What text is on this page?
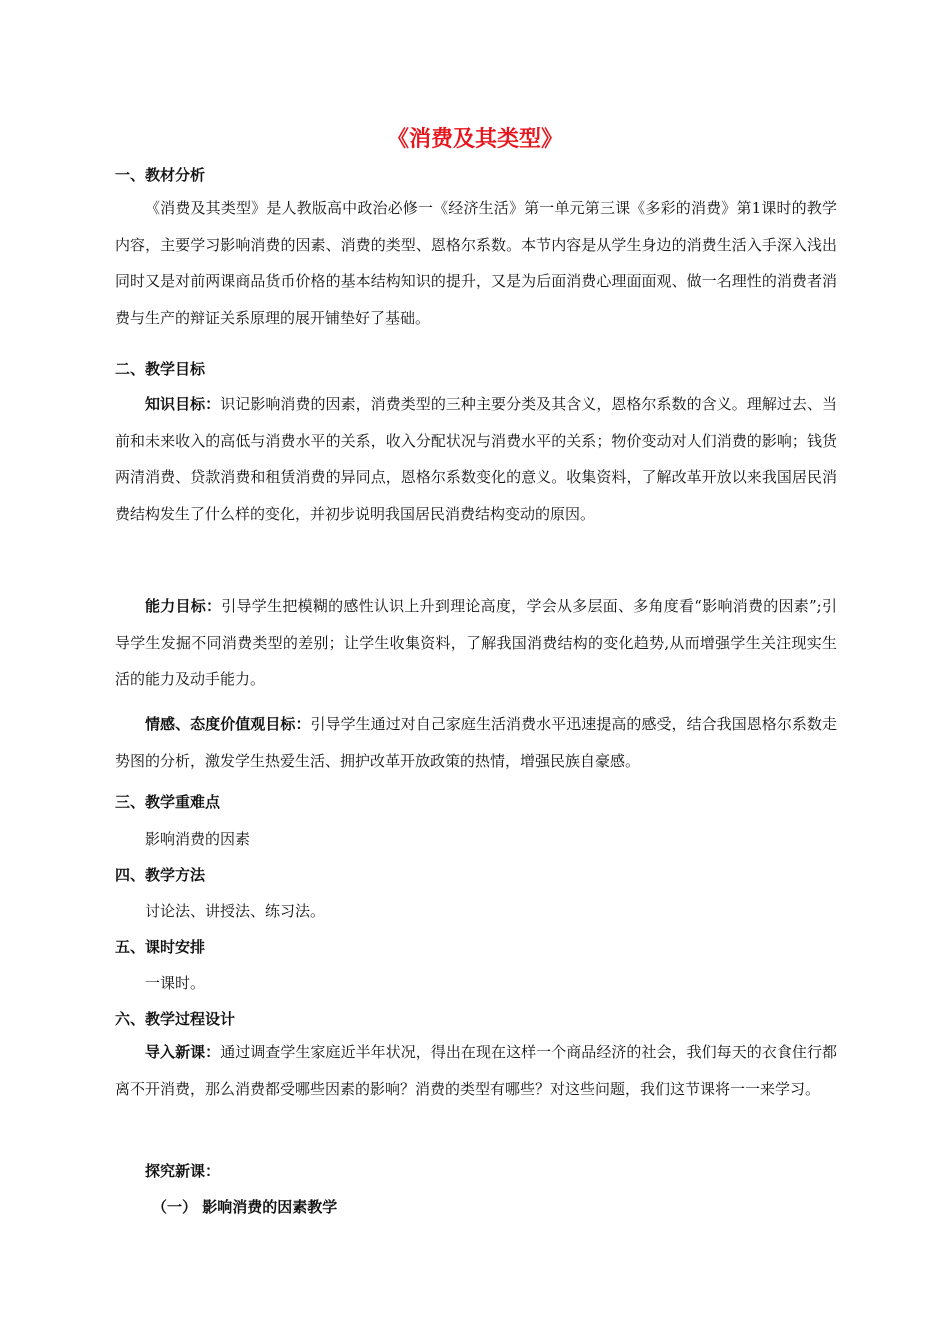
《消费及其类型》
一、教材分析

《消费及其类型》是人教版高中政治必修一《经济生活》第一单元第三课《多彩的消费》第1课时的教学内容，主要学习影响消费的因素、消费的类型、恩格尔系数。本节内容是从学生身边的消费生活入手深入浅出同时又是对前两课商品货币价格的基本结构知识的提升，又是为后面消费心理面面观、做一名理性的消费者消费与生产的辩证关系原理的展开铺垫好了基础。

二、教学目标

知识目标：识记影响消费的因素，消费类型的三种主要分类及其含义，恩格尔系数的含义。理解过去、当前和未来收入的高低与消费水平的关系，收入分配状况与消费水平的关系；物价变动对人们消费的影响；钱货两清消费、贷款消费和租赁消费的异同点，恩格尔系数变化的意义。收集资料，了解改革开放以来我国居民消费结构发生了什么样的变化，并初步说明我国居民消费结构变动的原因。

能力目标：引导学生把模糊的感性认识上升到理论高度，学会从多层面、多角度看“影响消费的因素”;引导学生发掘不同消费类型的差别；让学生收集资料，了解我国消费结构的变化趋势,从而增强学生关注现实生活的能力及动手能力。

情感、态度价值观目标：引导学生通过对自己家庭生活消费水平迅速提高的感受，结合我国恩格尔系数走势图的分析，激发学生热爱生活、拥护改革开放政策的热情，增强民族自豪感。

三、教学重难点
影响消费的因素
四、教学方法
讨论法、讲授法、练习法。
五、课时安排
一课时。
六、教学过程设计

导入新课：通过调查学生家庭近半年状况，得出在现在这样一个商品经济的社会，我们每天的衣食住行都离不开消费，那么消费都受哪些因素的影响？消费的类型有哪些？对这些问题，我们这节课将一一来学习。

探究新课：
（一） 影响消费的因素教学
